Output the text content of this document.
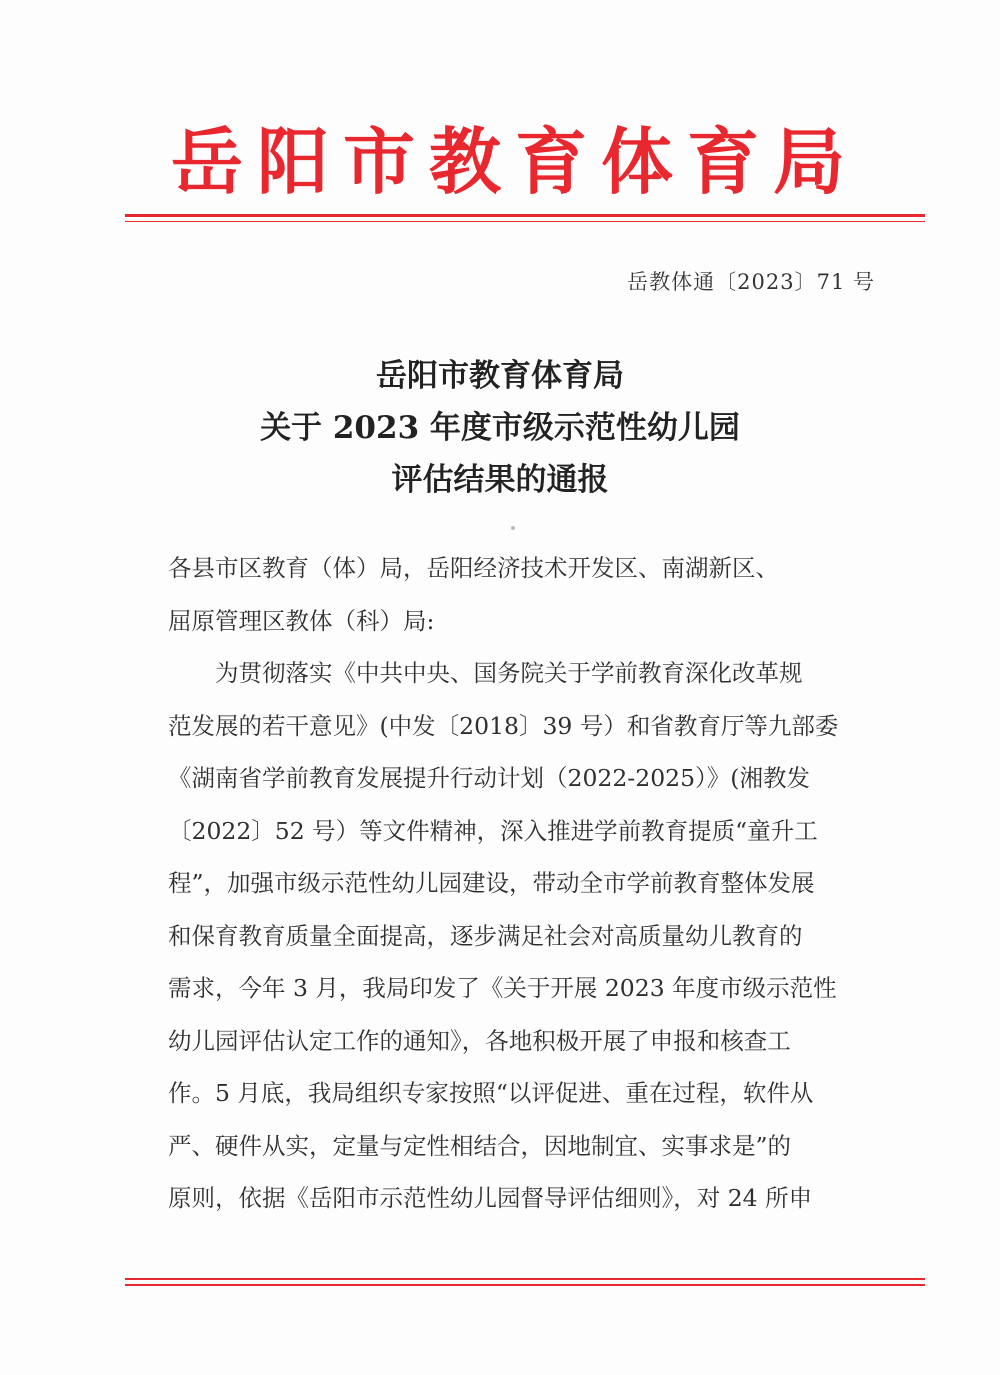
岳阳市教育体育局
岳教体通〔2023〕71 号
岳阳市教育体育局
关于 2023 年度市级示范性幼儿园
评估结果的通报
各县市区教育（体）局，岳阳经济技术开发区、南湖新区、
屈原管理区教体（科）局:
为贯彻落实《中共中央、国务院关于学前教育深化改革规
范发展的若干意见》(中发〔2018〕39 号）和省教育厅等九部委
《湖南省学前教育发展提升行动计划（2022-2025）》(湘教发
〔2022〕52 号）等文件精神，深入推进学前教育提质“童升工
程”，加强市级示范性幼儿园建设，带动全市学前教育整体发展
和保育教育质量全面提高，逐步满足社会对高质量幼儿教育的
需求，今年 3 月，我局印发了《关于开展 2023 年度市级示范性
幼儿园评估认定工作的通知》，各地积极开展了申报和核查工
作。5 月底，我局组织专家按照“以评促进、重在过程，软件从
严、硬件从实，定量与定性相结合，因地制宜、实事求是”的
原则，依据《岳阳市示范性幼儿园督导评估细则》，对 24 所申
